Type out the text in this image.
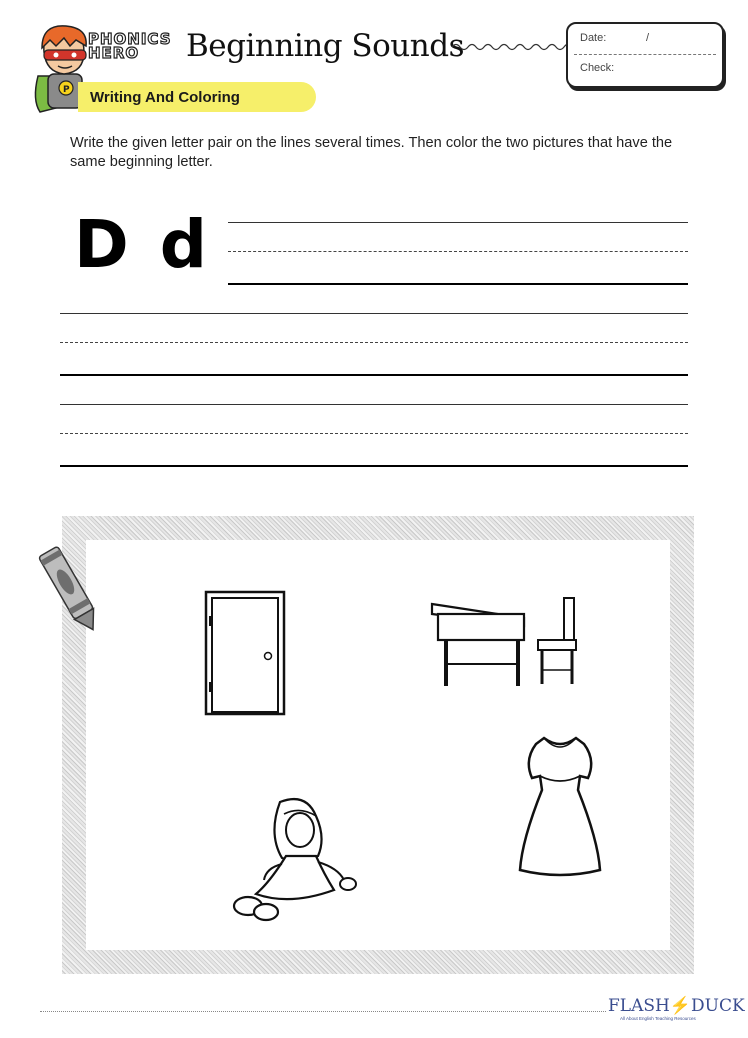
P
PHONICS
HERO	Beginning Sounds	Date:	/
Check:
Writing And Coloring
Write the given letter pair on the lines several times. Then color the two pictures that have the same beginning letter.
D d
FLASH⚡DUCK
All About English Teaching Resources
